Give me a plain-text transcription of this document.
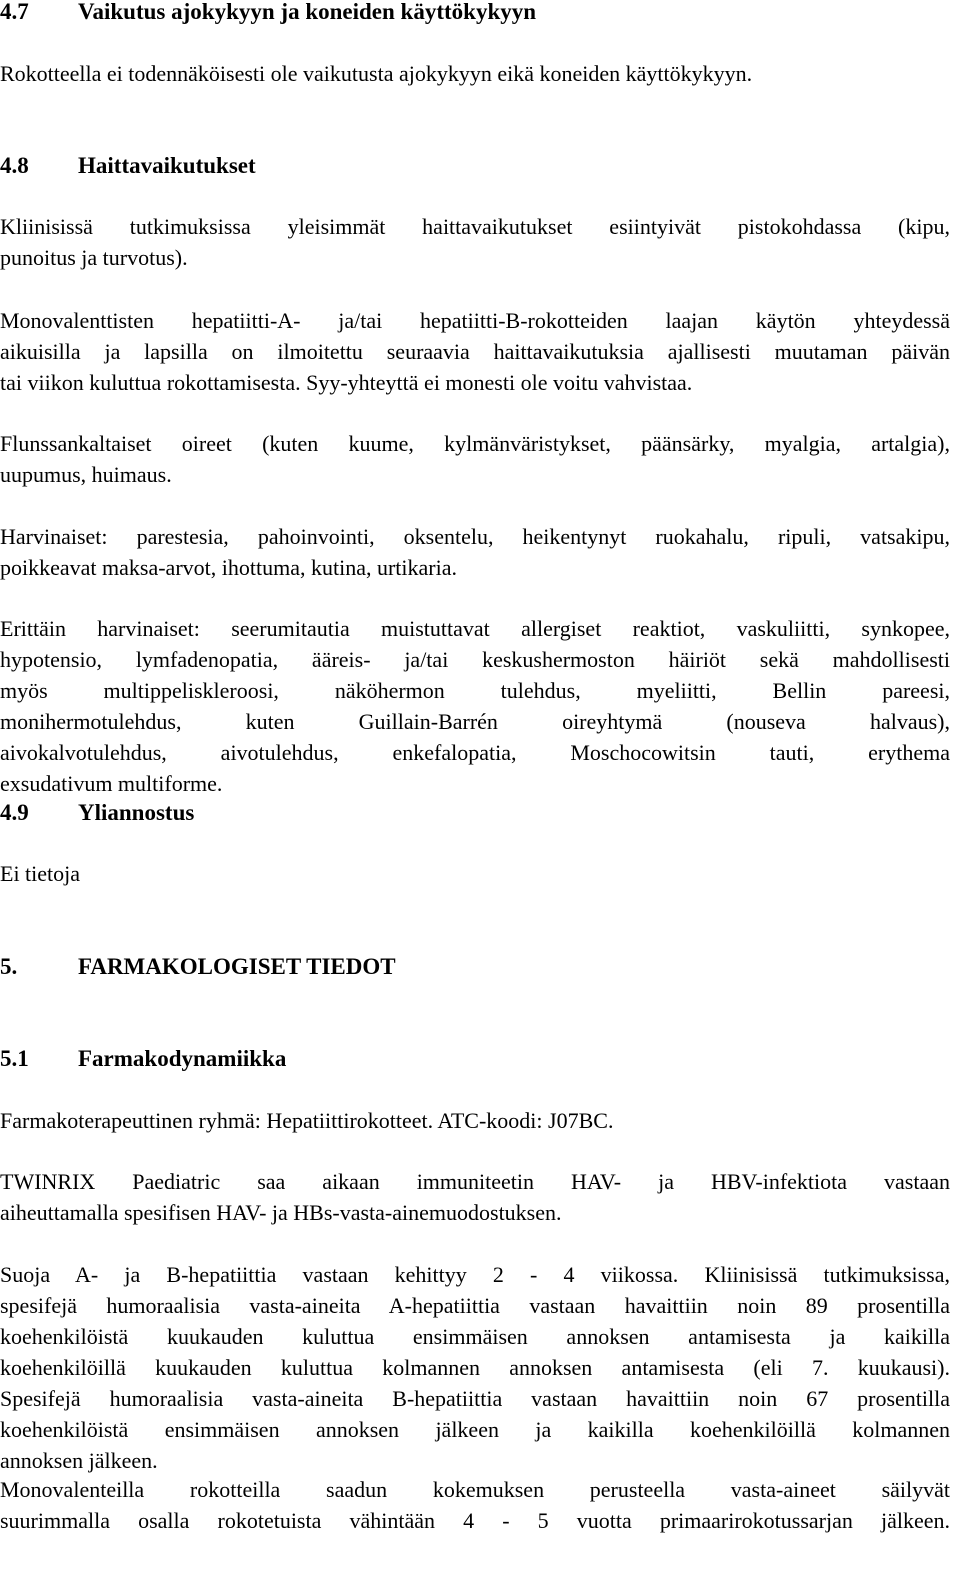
4.7 Vaikutus ajokykyyn ja koneiden käyttökykyyn

Rokotteella ei todennäköisesti ole vaikutusta ajokykyyn eikä koneiden käyttökykyyn.

4.8 Haittavaikutukset

Kliinisissä tutkimuksissa yleisimmät haittavaikutukset esiintyivät pistokohdassa (kipu,
punoitus ja turvotus).

Monovalenttisten hepatiitti-A- ja/tai hepatiitti-B-rokotteiden laajan käytön yhteydessä
aikuisilla ja lapsilla on ilmoitettu seuraavia haittavaikutuksia ajallisesti muutaman päivän
tai viikon kuluttua rokottamisesta. Syy-yhteyttä ei monesti ole voitu vahvistaa.

Flunssankaltaiset oireet (kuten kuume, kylmänväristykset, päänsärky, myalgia, artalgia),
uupumus, huimaus.

Harvinaiset: parestesia, pahoinvointi, oksentelu, heikentynyt ruokahalu, ripuli, vatsakipu,
poikkeavat maksa-arvot, ihottuma, kutina, urtikaria.

Erittäin harvinaiset: seerumitautia muistuttavat allergiset reaktiot, vaskuliitti, synkopee,
hypotensio, lymfadenopatia, ääreis- ja/tai keskushermoston häiriöt sekä mahdollisesti
myös multippeliskleroosi, näköhermon tulehdus, myeliitti, Bellin pareesi,
monihermotulehdus, kuten Guillain-Barrén oireyhtymä (nouseva halvaus),
aivokalvotulehdus, aivotulehdus, enkefalopatia, Moschocowitsin tauti, erythema
exsudativum multiforme.

4.9 Yliannostus

Ei tietoja

5.	FARMAKOLOGISET TIEDOT
5.1 Farmakodynamiikka

Farmakoterapeuttinen ryhmä: Hepatiittirokotteet. ATC-koodi: J07BC.

TWINRIX Paediatric saa aikaan immuniteetin HAV- ja HBV-infektiota vastaan
aiheuttamalla spesifisen HAV- ja HBs-vasta-ainemuodostuksen.

Suoja A- ja B-hepatiittia vastaan kehittyy 2 - 4 viikossa. Kliinisissä tutkimuksissa,
spesifejä humoraalisia vasta-aineita A-hepatiittia vastaan havaittiin noin 89 prosentilla
koehenkilöistä kuukauden kuluttua ensimmäisen annoksen antamisesta ja kaikilla
koehenkilöillä kuukauden kuluttua kolmannen annoksen antamisesta (eli 7. kuukausi).
Spesifejä humoraalisia vasta-aineita B-hepatiittia vastaan havaittiin noin 67 prosentilla
koehenkilöistä ensimmäisen annoksen jälkeen ja kaikilla koehenkilöillä kolmannen
annoksen jälkeen.

Monovalenteilla rokotteilla saadun kokemuksen perusteella vasta-aineet säilyvät
suurimmalla osalla rokotetuista vähintään 4 - 5 vuotta primaarirokotussarjan jälkeen.
